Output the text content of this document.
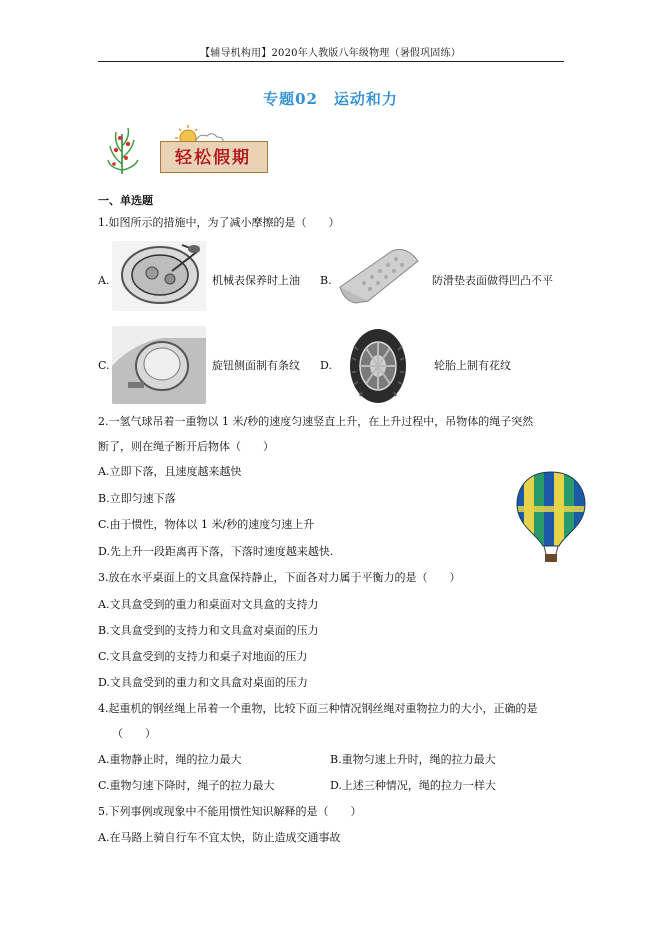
【辅导机构用】2020年人教版八年级物理（暑假巩固练）
专题02　运动和力
轻松假期
一、单选题
1.如图所示的措施中，为了减小摩擦的是（　　）
A.	机械表保养时上油 B.	防滑垫表面做得凹凸不平
C.	旋钮侧面制有条纹 D.	轮胎上制有花纹
2.一氢气球吊着一重物以 1 米/秒的速度匀速竖直上升，在上升过程中，吊物体的绳子突然
断了，则在绳子断开后物体（　　）
A.立即下落，且速度越来越快
B.立即匀速下落
C.由于惯性，物体以 1 米/秒的速度匀速上升
D.先上升一段距离再下落，下落时速度越来越快.
3.放在水平桌面上的文具盒保持静止，下面各对力属于平衡力的是（　　）
A.文具盒受到的重力和桌面对文具盒的支持力
B.文具盒受到的支持力和文具盒对桌面的压力
C.文具盒受到的支持力和桌子对地面的压力
D.文具盒受到的重力和文具盒对桌面的压力
4.起重机的钢丝绳上吊着一个重物，比较下面三种情况钢丝绳对重物拉力的大小，正确的是
（　　）
A.重物静止时，绳的拉力最大	B.重物匀速上升时，绳的拉力最大
C.重物匀速下降时，绳子的拉力最大	D.上述三种情况，绳的拉力一样大
5.下列事例或现象中不能用惯性知识解释的是（　　）
A.在马路上骑自行车不宜太快，防止造成交通事故
